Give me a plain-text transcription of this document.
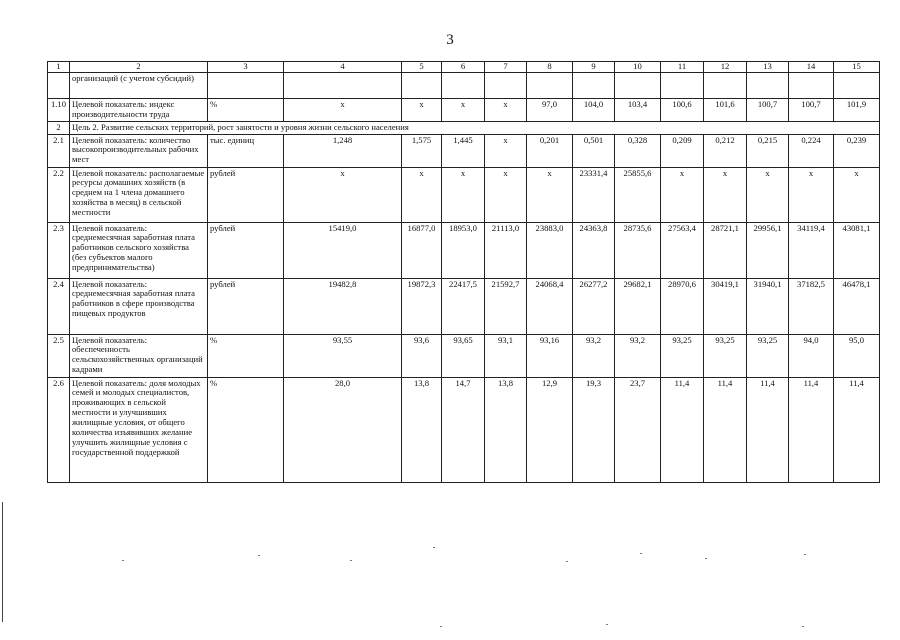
3
1	2	3	4	5	6	7	8	9	10	11	12	13	14	15
	организаций (с учетом субсидий)													
1.10	Целевой показатель: индекс производительности труда	%	x	x	x	x	97,0	104,0	103,4	100,6	101,6	100,7	100,7	101,9
2	Цель 2. Развитие сельских территорий, рост занятости и уровня жизни сельского населения													
2.1	Целевой показатель: количество высокопроизводительных рабочих мест	тыс. единиц	1,248	1,575	1,445	x	0,201	0,501	0,328	0,209	0,212	0,215	0,224	0,239
2.2	Целевой показатель: располагаемые ресурсы домашних хозяйств (в среднем на 1 члена домашнего хозяйства в месяц) в сельской местности	рублей	x	x	x	x	x	23331,4	25855,6	x	x	x	x	x
2.3	Целевой показатель: среднемесячная заработная плата работников сельского хозяйства (без субъектов малого предпринимательства)	рублей	15419,0	16877,0	18953,0	21113,0	23883,0	24363,8	28735,6	27563,4	28721,1	29956,1	34119,4	43081,1
2.4	Целевой показатель: среднемесячная заработная плата работников в сфере производства пищевых продуктов	рублей	19482,8	19872,3	22417,5	21592,7	24068,4	26277,2	29682,1	28970,6	30419,1	31940,1	37182,5	46478,1
2.5	Целевой показатель: обеспеченность сельскохозяйственных организаций кадрами	%	93,55	93,6	93,65	93,1	93,16	93,2	93,2	93,25	93,25	93,25	94,0	95,0
2.6	Целевой показатель: доля молодых семей и молодых специалистов, проживающих в сельской местности и улучшивших жилищные условия, от общего количества изъявивших желание улучшить жилищные условия с государственной поддержкой	%	28,0	13,8	14,7	13,8	12,9	19,3	23,7	11,4	11,4	11,4	11,4	11,4
